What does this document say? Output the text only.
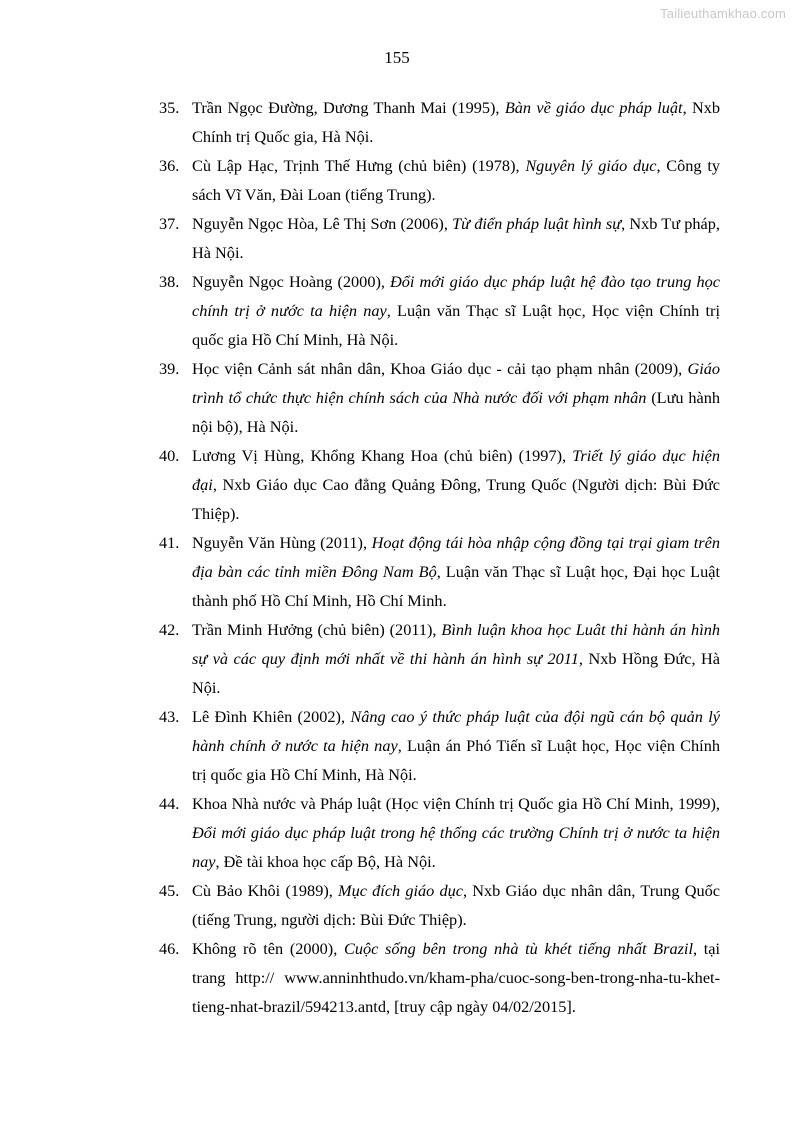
Tailieuthamkhao.com
155
35. Trần Ngọc Đường, Dương Thanh Mai (1995), Bàn về giáo dục pháp luật, Nxb Chính trị Quốc gia, Hà Nội.
36. Cù Lập Hạc, Trịnh Thế Hưng (chủ biên) (1978), Nguyên lý giáo dục, Công ty sách Vĩ Văn, Đài Loan (tiếng Trung).
37. Nguyễn Ngọc Hòa, Lê Thị Sơn (2006), Từ điển pháp luật hình sự, Nxb Tư pháp, Hà Nội.
38. Nguyễn Ngọc Hoàng (2000), Đổi mới giáo dục pháp luật hệ đào tạo trung học chính trị ở nước ta hiện nay, Luận văn Thạc sĩ Luật học, Học viện Chính trị quốc gia Hồ Chí Minh, Hà Nội.
39. Học viện Cảnh sát nhân dân, Khoa Giáo dục - cải tạo phạm nhân (2009), Giáo trình tổ chức thực hiện chính sách của Nhà nước đối với phạm nhân (Lưu hành nội bộ), Hà Nội.
40. Lương Vị Hùng, Khổng Khang Hoa (chủ biên) (1997), Triết lý giáo dục hiện đại, Nxb Giáo dục Cao đẳng Quảng Đông, Trung Quốc (Người dịch: Bùi Đức Thiệp).
41. Nguyễn Văn Hùng (2011), Hoạt động tái hòa nhập cộng đồng tại trại giam trên địa bàn các tỉnh miền Đông Nam Bộ, Luận văn Thạc sĩ Luật học, Đại học Luật thành phố Hồ Chí Minh, Hồ Chí Minh.
42. Trần Minh Hưởng (chủ biên) (2011), Bình luận khoa học Luât thi hành án hình sự và các quy định mới nhất về thi hành án hình sự 2011, Nxb Hồng Đức, Hà Nội.
43. Lê Đình Khiên (2002), Nâng cao ý thức pháp luật của đội ngũ cán bộ quản lý hành chính ở nước ta hiện nay, Luận án Phó Tiến sĩ Luật học, Học viện Chính trị quốc gia Hồ Chí Minh, Hà Nội.
44. Khoa Nhà nước và Pháp luật (Học viện Chính trị Quốc gia Hồ Chí Minh, 1999), Đổi mới giáo dục pháp luật trong hệ thống các trường Chính trị ở nước ta hiện nay, Đề tài khoa học cấp Bộ, Hà Nội.
45. Cù Bảo Khôi (1989), Mục đích giáo dục, Nxb Giáo dục nhân dân, Trung Quốc (tiếng Trung, người dịch: Bùi Đức Thiệp).
46. Không rõ tên (2000), Cuộc sống bên trong nhà tù khét tiếng nhất Brazil, tại trang http:// www.anninhthudo.vn/kham-pha/cuoc-song-ben-trong-nha-tu-khet-tieng-nhat-brazil/594213.antd, [truy cập ngày 04/02/2015].
